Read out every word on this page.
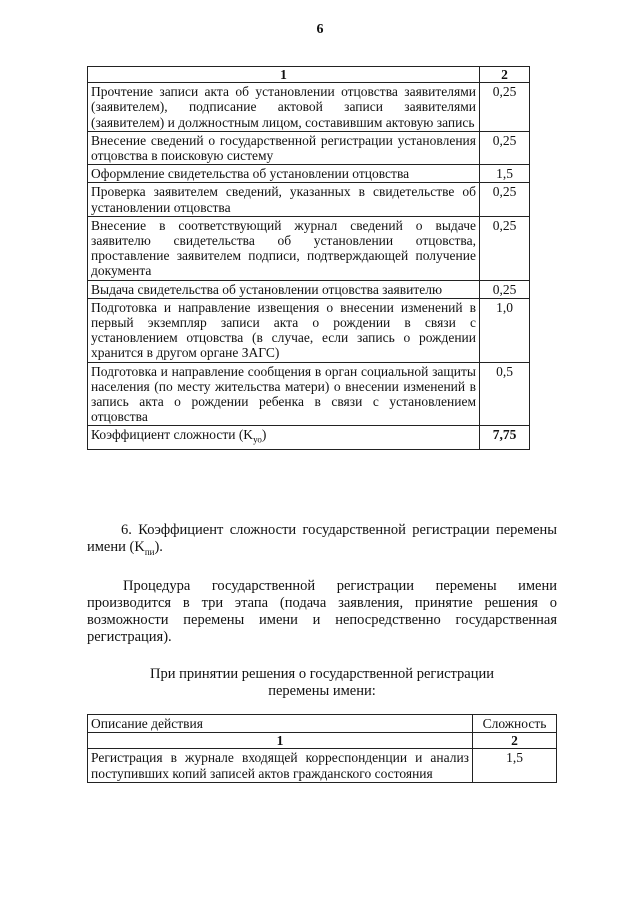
6
1	2
Прочтение записи акта об установлении отцовства заявителями (заявителем), подписание актовой записи заявителями (заявителем) и должностным лицом, составившим актовую запись	0,25
Внесение сведений о государственной регистрации установления отцовства в поисковую систему	0,25
Оформление свидетельства об установлении отцовства	1,5
Проверка заявителем сведений, указанных в свидетельстве об установлении отцовства	0,25
Внесение в соответствующий журнал сведений о выдаче заявителю свидетельства об установлении отцовства, проставление заявителем подписи, подтверждающей получение документа	0,25
Выдача свидетельства об установлении отцовства заявителю	0,25
Подготовка и направление извещения о внесении изменений в первый экземпляр записи акта о рождении в связи с установлением отцовства (в случае, если запись о рождении хранится в другом органе ЗАГС)	1,0
Подготовка и направление сообщения в орган социальной защиты населения (по месту жительства матери) о внесении изменений в запись акта о рождении ребенка в связи с установлением отцовства	0,5
Коэффициент сложности $(K_{уо})$	7,75
6. Коэффициент сложности государственной регистрации перемены имени $(K_{пи})$.
Процедура государственной регистрации перемены имени производится в три этапа (подача заявления, принятие решения о возможности перемены имени и непосредственно государственная регистрация).
При принятии решения о государственной регистрации
перемены имени:
Описание действия	Сложность
1	2
Регистрация в журнале входящей корреспонденции и анализ поступивших копий записей актов гражданского состояния	1,5
